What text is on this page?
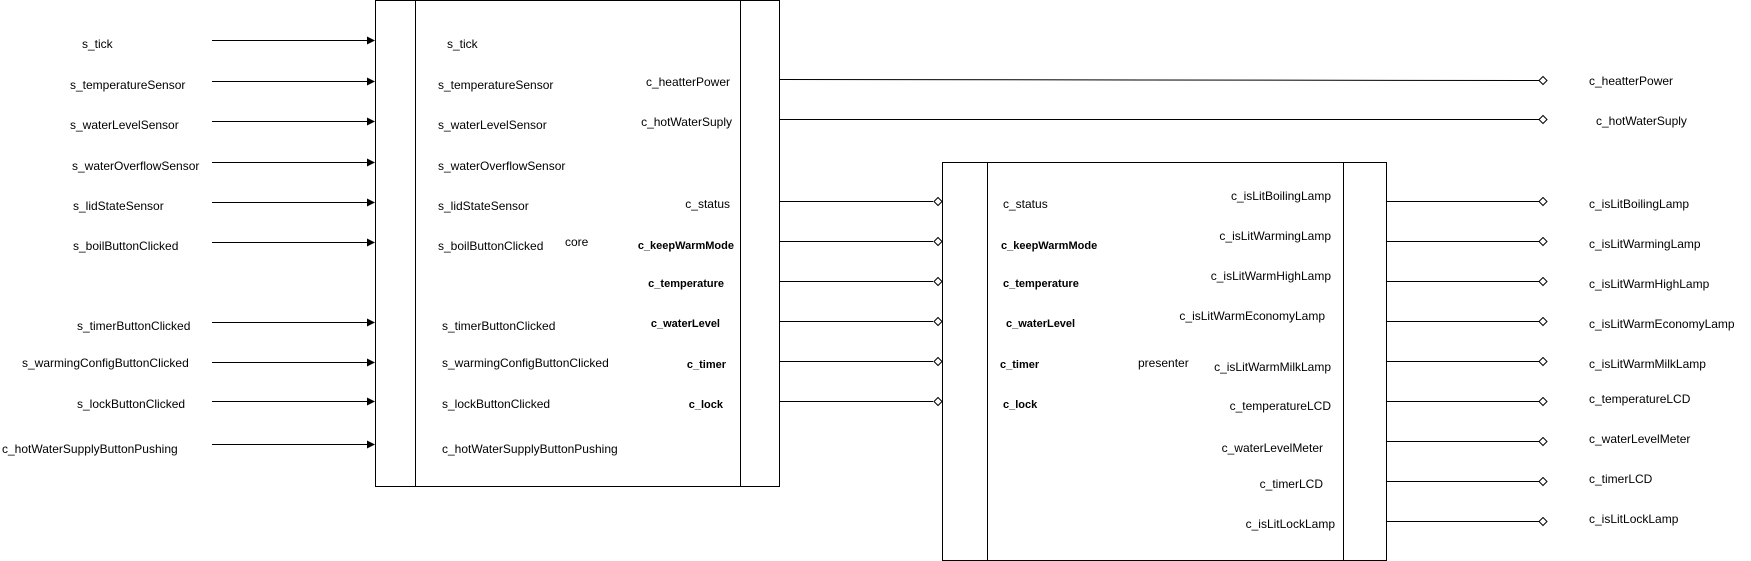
core
s_tick
s_temperatureSensor
s_waterLevelSensor
s_waterOverflowSensor
s_lidStateSensor
s_boilButtonClicked
s_timerButtonClicked
s_warmingConfigButtonClicked
s_lockButtonClicked
c_hotWaterSupplyButtonPushing
c_heatterPower
c_hotWaterSuply
c_status
c_keepWarmMode
c_temperature
c_waterLevel
c_timer
c_lock
presenter
c_status
c_keepWarmMode
c_temperature
c_waterLevel
c_timer
c_lock
c_isLitBoilingLamp
c_isLitWarmingLamp
c_isLitWarmHighLamp
c_isLitWarmEconomyLamp
c_isLitWarmMilkLamp
c_temperatureLCD
c_waterLevelMeter
c_timerLCD
c_isLitLockLamp
s_tick
s_temperatureSensor
s_waterLevelSensor
s_waterOverflowSensor
s_lidStateSensor
s_boilButtonClicked
s_timerButtonClicked
s_warmingConfigButtonClicked
s_lockButtonClicked
c_hotWaterSupplyButtonPushing
c_heatterPower
c_hotWaterSuply
c_isLitBoilingLamp
c_isLitWarmingLamp
c_isLitWarmHighLamp
c_isLitWarmEconomyLamp
c_isLitWarmMilkLamp
c_temperatureLCD
c_waterLevelMeter
c_timerLCD
c_isLitLockLamp
